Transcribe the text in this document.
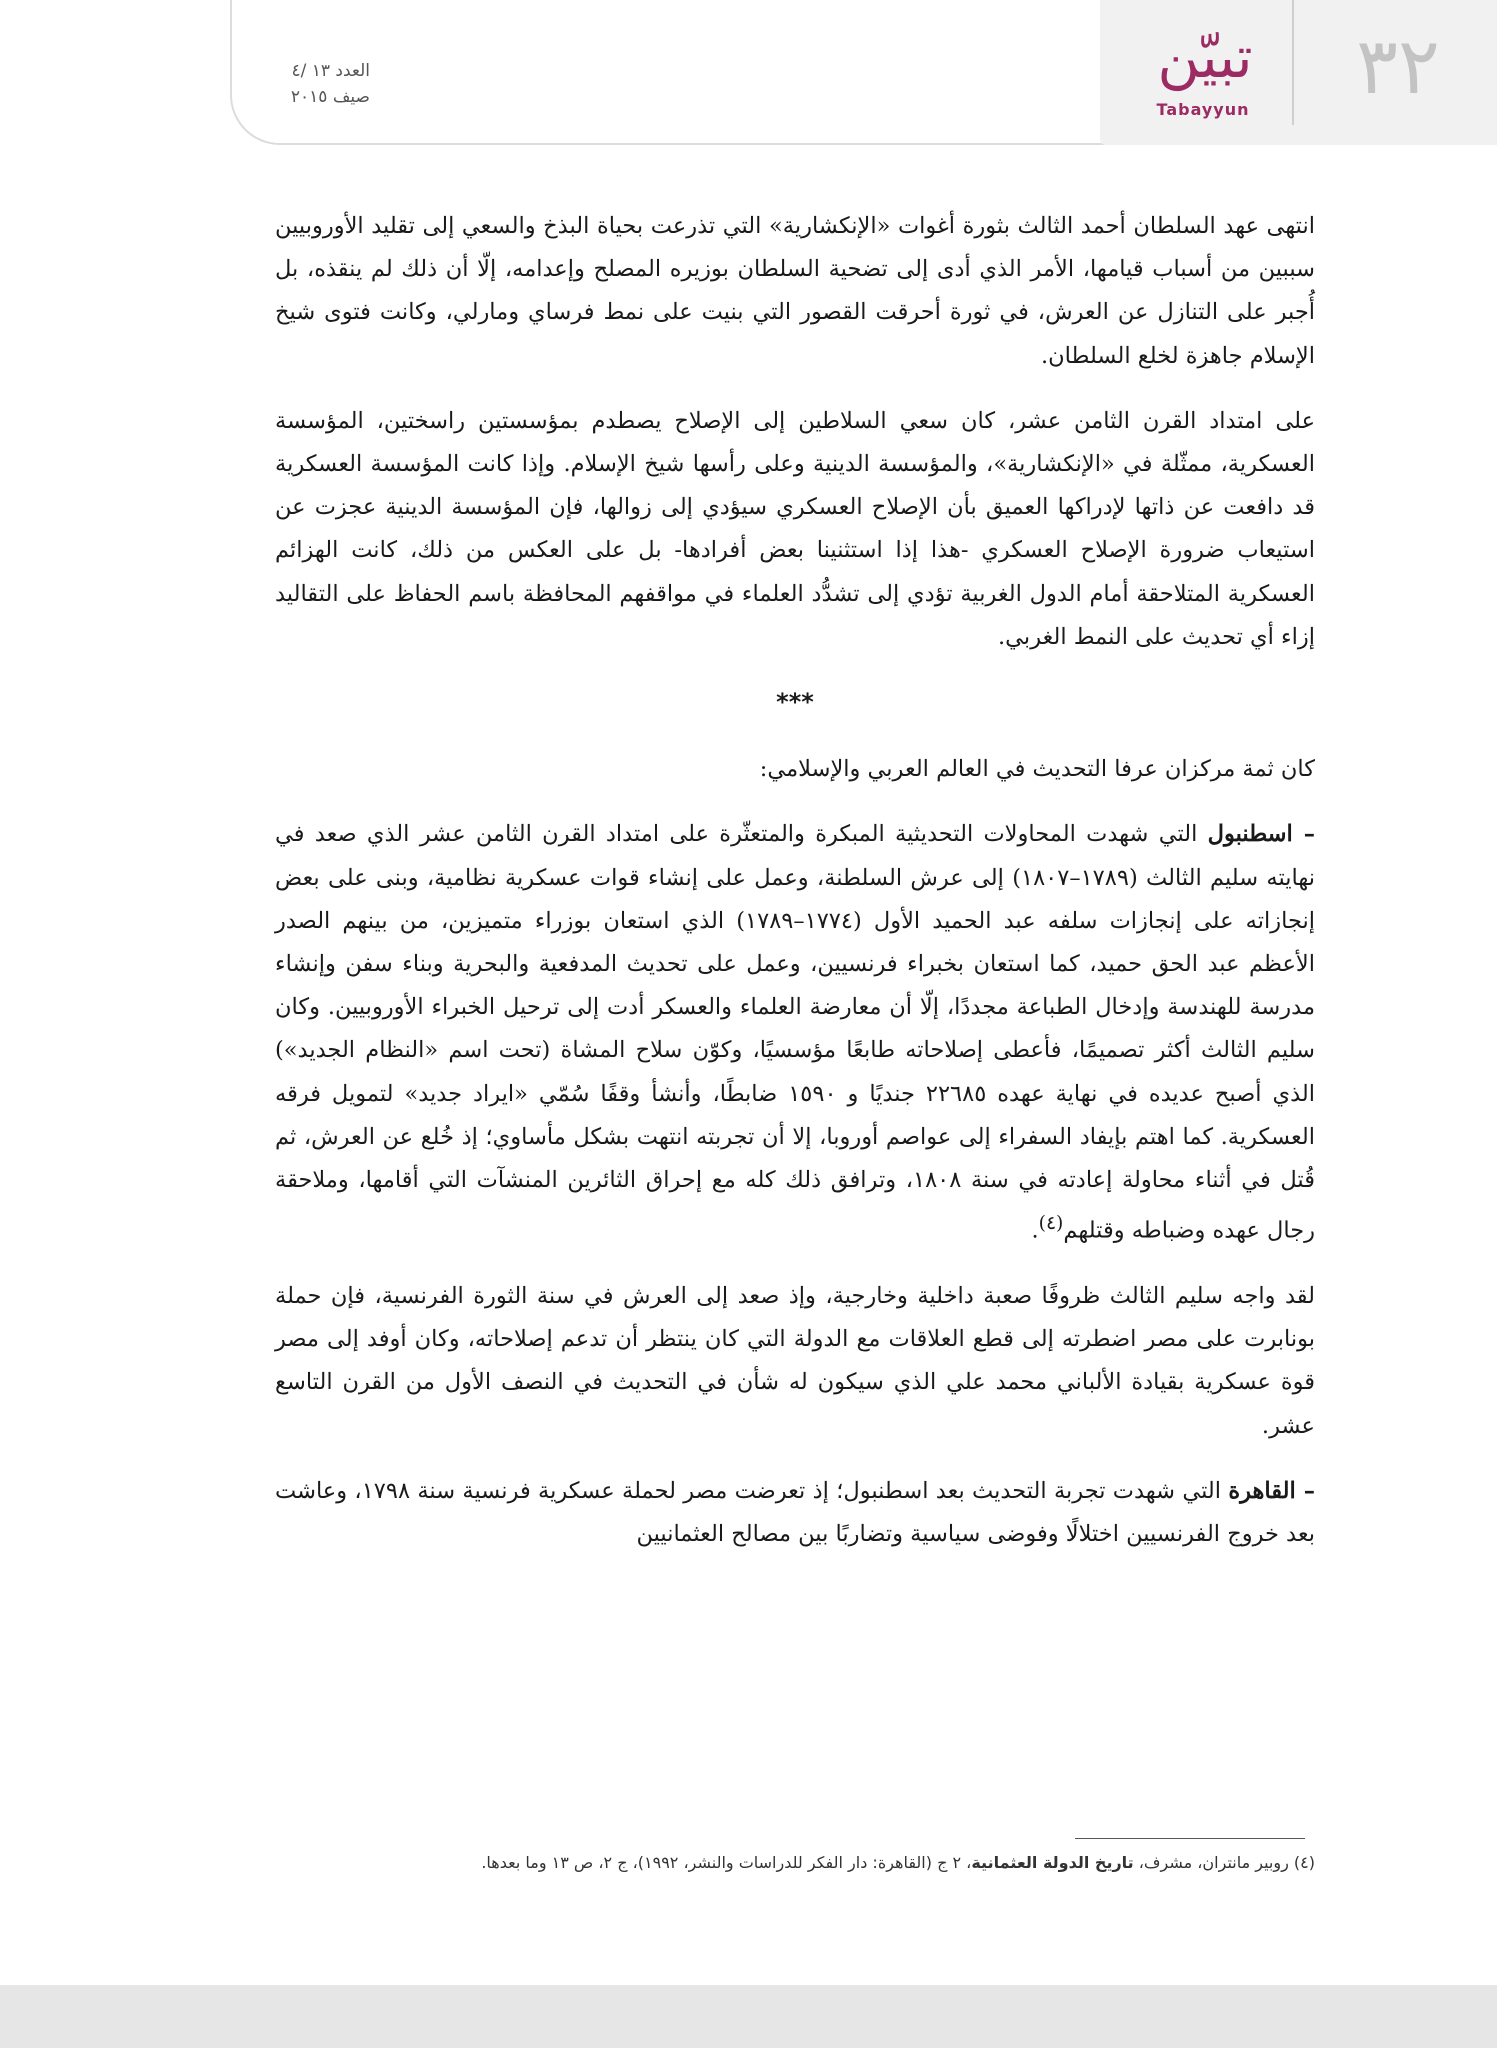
العدد ١٣ /٤
صيف ٢٠١٥
تبيّن
Tabayyun	٣٢

انتهى عهد السلطان أحمد الثالث بثورة أغوات «الإنكشارية» التي تذرعت بحياة البذخ والسعي إلى تقليد الأوروبيين سببين من أسباب قيامها، الأمر الذي أدى إلى تضحية السلطان بوزيره المصلح وإعدامه، إلّا أن ذلك لم ينقذه، بل أُجبر على التنازل عن العرش، في ثورة أحرقت القصور التي بنيت على نمط فرساي ومارلي، وكانت فتوى شيخ الإسلام جاهزة لخلع السلطان.

على امتداد القرن الثامن عشر، كان سعي السلاطين إلى الإصلاح يصطدم بمؤسستين راسختين، المؤسسة العسكرية، ممثّلة في «الإنكشارية»، والمؤسسة الدينية وعلى رأسها شيخ الإسلام. وإذا كانت المؤسسة العسكرية قد دافعت عن ذاتها لإدراكها العميق بأن الإصلاح العسكري سيؤدي إلى زوالها، فإن المؤسسة الدينية عجزت عن استيعاب ضرورة الإصلاح العسكري -هذا إذا استثنينا بعض أفرادها- بل على العكس من ذلك، كانت الهزائم العسكرية المتلاحقة أمام الدول الغربية تؤدي إلى تشدُّد العلماء في مواقفهم المحافظة باسم الحفاظ على التقاليد إزاء أي تحديث على النمط الغربي.

***

كان ثمة مركزان عرفا التحديث في العالم العربي والإسلامي:

– اسطنبول التي شهدت المحاولات التحديثية المبكرة والمتعثّرة على امتداد القرن الثامن عشر الذي صعد في نهايته سليم الثالث (١٧٨٩–١٨٠٧) إلى عرش السلطنة، وعمل على إنشاء قوات عسكرية نظامية، وبنى على بعض إنجازاته على إنجازات سلفه عبد الحميد الأول (١٧٧٤–١٧٨٩) الذي استعان بوزراء متميزين، من بينهم الصدر الأعظم عبد الحق حميد، كما استعان بخبراء فرنسيين، وعمل على تحديث المدفعية والبحرية وبناء سفن وإنشاء مدرسة للهندسة وإدخال الطباعة مجددًا، إلّا أن معارضة العلماء والعسكر أدت إلى ترحيل الخبراء الأوروبيين. وكان سليم الثالث أكثر تصميمًا، فأعطى إصلاحاته طابعًا مؤسسيًا، وكوّن سلاح المشاة (تحت اسم «النظام الجديد») الذي أصبح عديده في نهاية عهده ٢٢٦٨٥ جنديًا و ١٥٩٠ ضابطًا، وأنشأ وقفًا سُمّي «ايراد جديد» لتمويل فرقه العسكرية. كما اهتم بإيفاد السفراء إلى عواصم أوروبا، إلا أن تجربته انتهت بشكل مأساوي؛ إذ خُلع عن العرش، ثم قُتل في أثناء محاولة إعادته في سنة ١٨٠٨، وترافق ذلك كله مع إحراق الثائرين المنشآت التي أقامها، وملاحقة رجال عهده وضباطه وقتلهم$^{(٤)}$.

لقد واجه سليم الثالث ظروفًا صعبة داخلية وخارجية، وإذ صعد إلى العرش في سنة الثورة الفرنسية، فإن حملة بونابرت على مصر اضطرته إلى قطع العلاقات مع الدولة التي كان ينتظر أن تدعم إصلاحاته، وكان أوفد إلى مصر قوة عسكرية بقيادة الألباني محمد علي الذي سيكون له شأن في التحديث في النصف الأول من القرن التاسع عشر.

– القاهرة التي شهدت تجربة التحديث بعد اسطنبول؛ إذ تعرضت مصر لحملة عسكرية فرنسية سنة ١٧٩٨، وعاشت بعد خروج الفرنسيين اختلالًا وفوضى سياسية وتضاربًا بين مصالح العثمانيين

(٤) روبير مانتران، مشرف، تاريخ الدولة العثمانية، ٢ ج (القاهرة: دار الفكر للدراسات والنشر، ١٩٩٢)، ج ٢، ص ١٣ وما بعدها.
